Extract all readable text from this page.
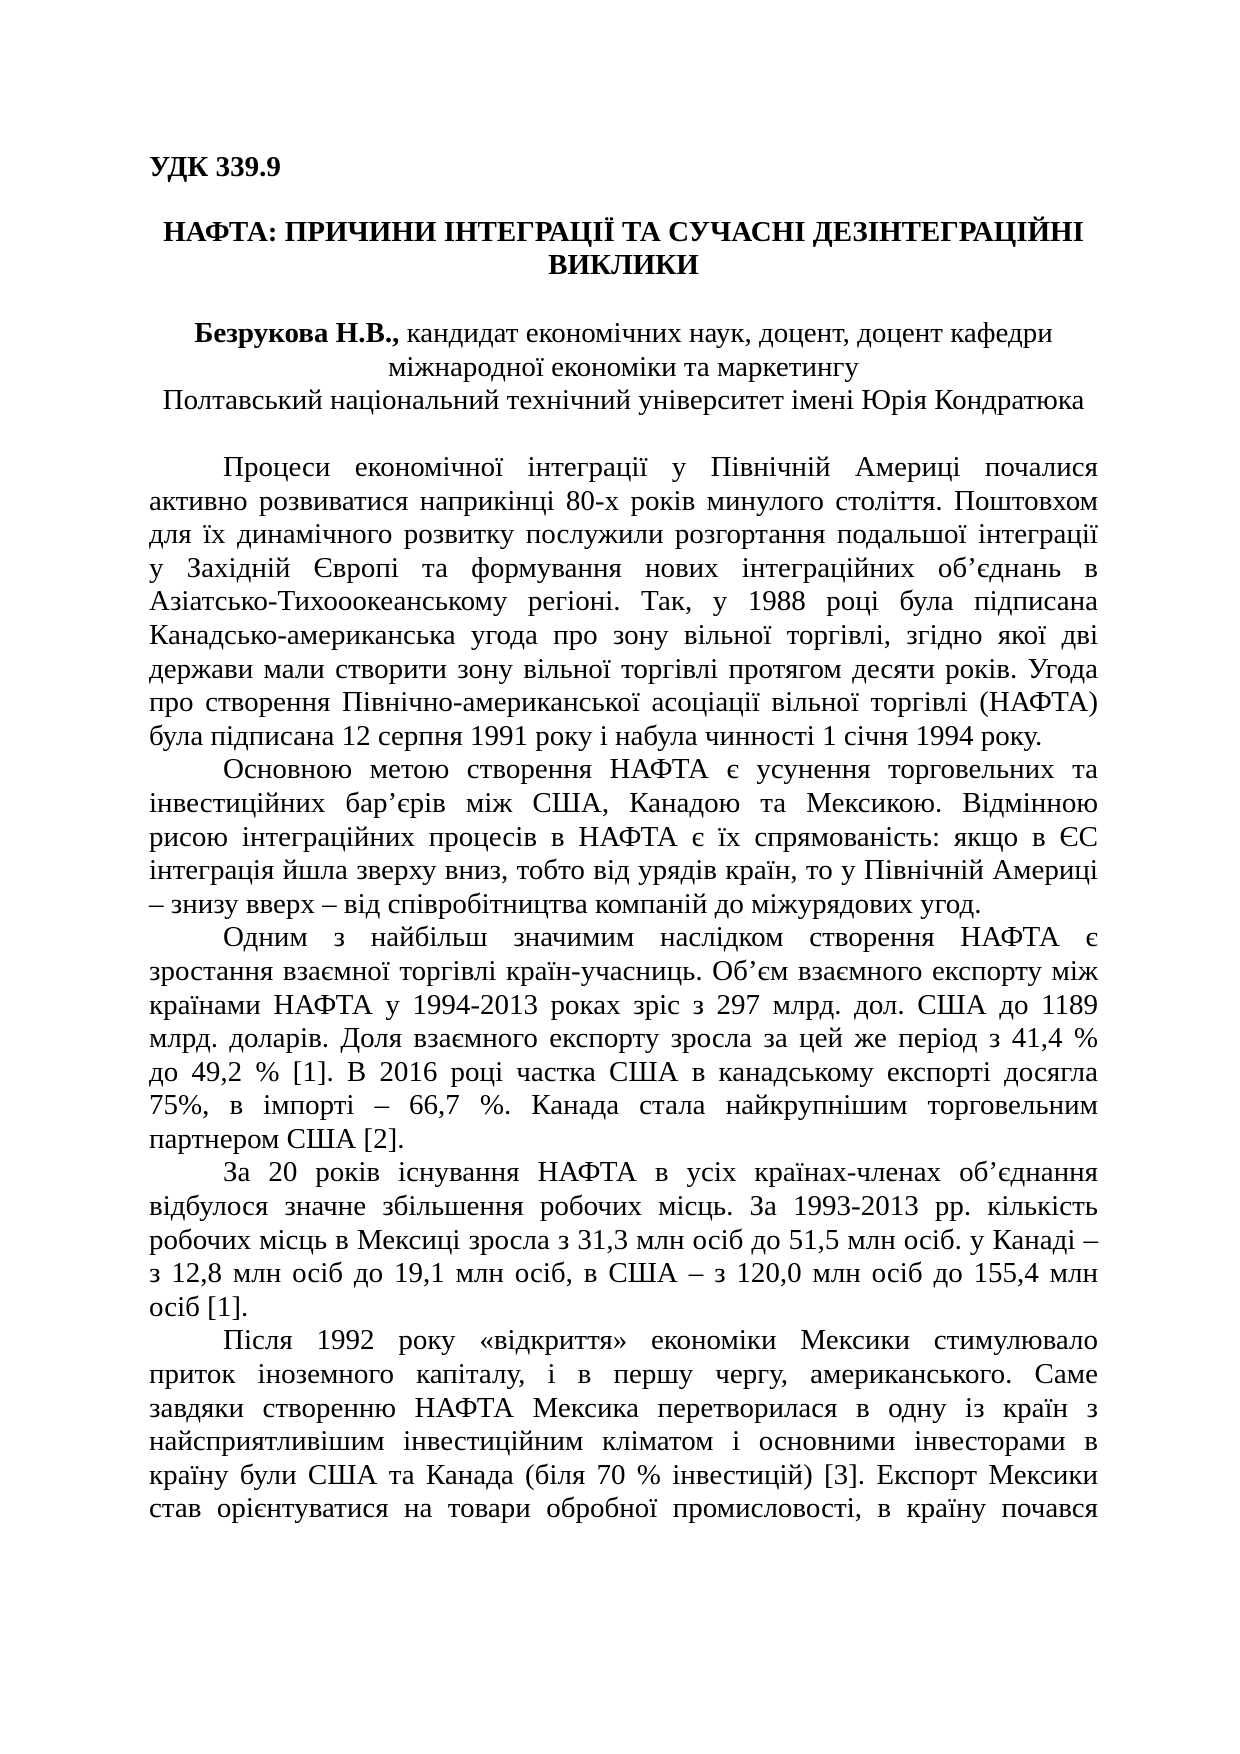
УДК 339.9
НАФТА: ПРИЧИНИ ІНТЕГРАЦІЇ ТА СУЧАСНІ ДЕЗІНТЕГРАЦІЙНІ
ВИКЛИКИ
Безрукова Н.В., кандидат економічних наук, доцент, доцент кафедри
міжнародної економіки та маркетингу
Полтавський національний технічний університет імені Юрія Кондратюка
Процеси економічної інтеграції у Північній Америці почалися
активно розвиватися наприкінці 80-х років минулого століття. Поштовхом
для їх динамічного розвитку послужили розгортання подальшої інтеграції
у Західній Європі та формування нових інтеграційних об’єднань в
Азіатсько-Тихооокеанському регіоні. Так, у 1988 році була підписана
Канадсько-американська угода про зону вільної торгівлі, згідно якої дві
держави мали створити зону вільної торгівлі протягом десяти років. Угода
про створення Північно-американської асоціації вільної торгівлі (НАФТА)
була підписана 12 серпня 1991 року і набула чинності 1 січня 1994 року.
Основною метою створення НАФТА є усунення торговельних та
інвестиційних бар’єрів між США, Канадою та Мексикою. Відмінною
рисою інтеграційних процесів в НАФТА є їх спрямованість: якщо в ЄС
інтеграція йшла зверху вниз, тобто від урядів країн, то у Північній Америці
– знизу вверх – від співробітництва компаній до міжурядових угод.
Одним з найбільш значимим наслідком створення НАФТА є
зростання взаємної торгівлі країн-учасниць. Об’єм взаємного експорту між
країнами НАФТА у 1994-2013 роках зріс з 297 млрд. дол. США до 1189
млрд. доларів. Доля взаємного експорту зросла за цей же період з 41,4 %
до 49,2 % [1]. В 2016 році частка США в канадському експорті досягла
75%, в імпорті – 66,7 %. Канада стала найкрупнішим торговельним
партнером США [2].
За 20 років існування НАФТА в усіх країнах-членах об’єднання
відбулося значне збільшення робочих місць. За 1993-2013 рр. кількість
робочих місць в Мексиці зросла з 31,3 млн осіб до 51,5 млн осіб. у Канаді –
з 12,8 млн осіб до 19,1 млн осіб, в США – з 120,0 млн осіб до 155,4 млн
осіб [1].
Після 1992 року «відкриття» економіки Мексики стимулювало
приток іноземного капіталу, і в першу чергу, американського. Саме
завдяки створенню НАФТА Мексика перетворилася в одну із країн з
найсприятливішим інвестиційним кліматом і основними інвесторами в
країну були США та Канада (біля 70 % інвестицій) [3]. Експорт Мексики
став орієнтуватися на товари обробної промисловості, в країну почався
